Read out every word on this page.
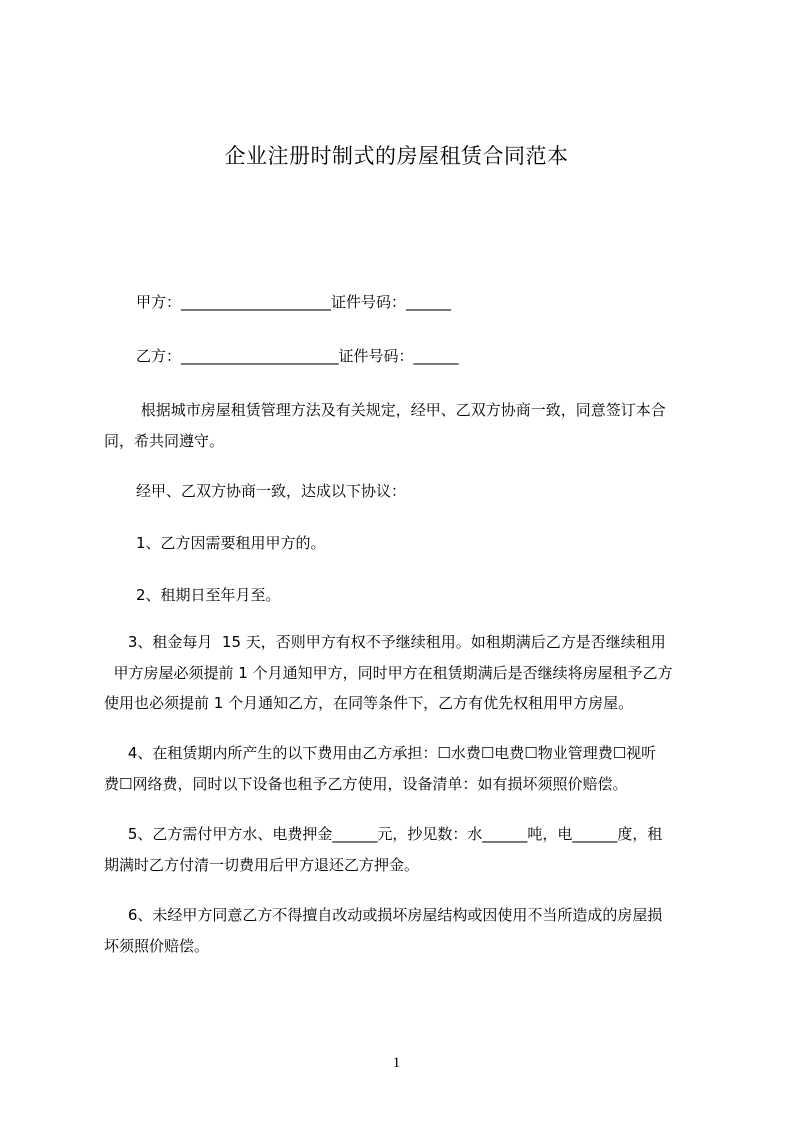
企业注册时制式的房屋租赁合同范本
甲方：____________________证件号码：______
乙方：_____________________证件号码：______

根据城市房屋租赁管理方法及有关规定，经甲、乙双方协商一致，同意签订本合

同，希共同遵守。

经甲、乙双方协商一致，达成以下协议：
1、乙方因需要租用甲方的。
2、租期日至年月至。

3、租金每月  15 天，否则甲方有权不予继续租用。如租期满后乙方是否继续租用

甲方房屋必须提前 1 个月通知甲方，同时甲方在租赁期满后是否继续将房屋租予乙方

使用也必须提前 1 个月通知乙方，在同等条件下，乙方有优先权租用甲方房屋。

4、在租赁期内所产生的以下费用由乙方承担：☐水费☐电费☐物业管理费☐视听

费☐网络费，同时以下设备也租予乙方使用，设备清单：如有损坏须照价赔偿。

5、乙方需付甲方水、电费押金______元，抄见数：水______吨，电______度，租

期满时乙方付清一切费用后甲方退还乙方押金。

6、未经甲方同意乙方不得擅自改动或损坏房屋结构或因使用不当所造成的房屋损

坏须照价赔偿。

1
